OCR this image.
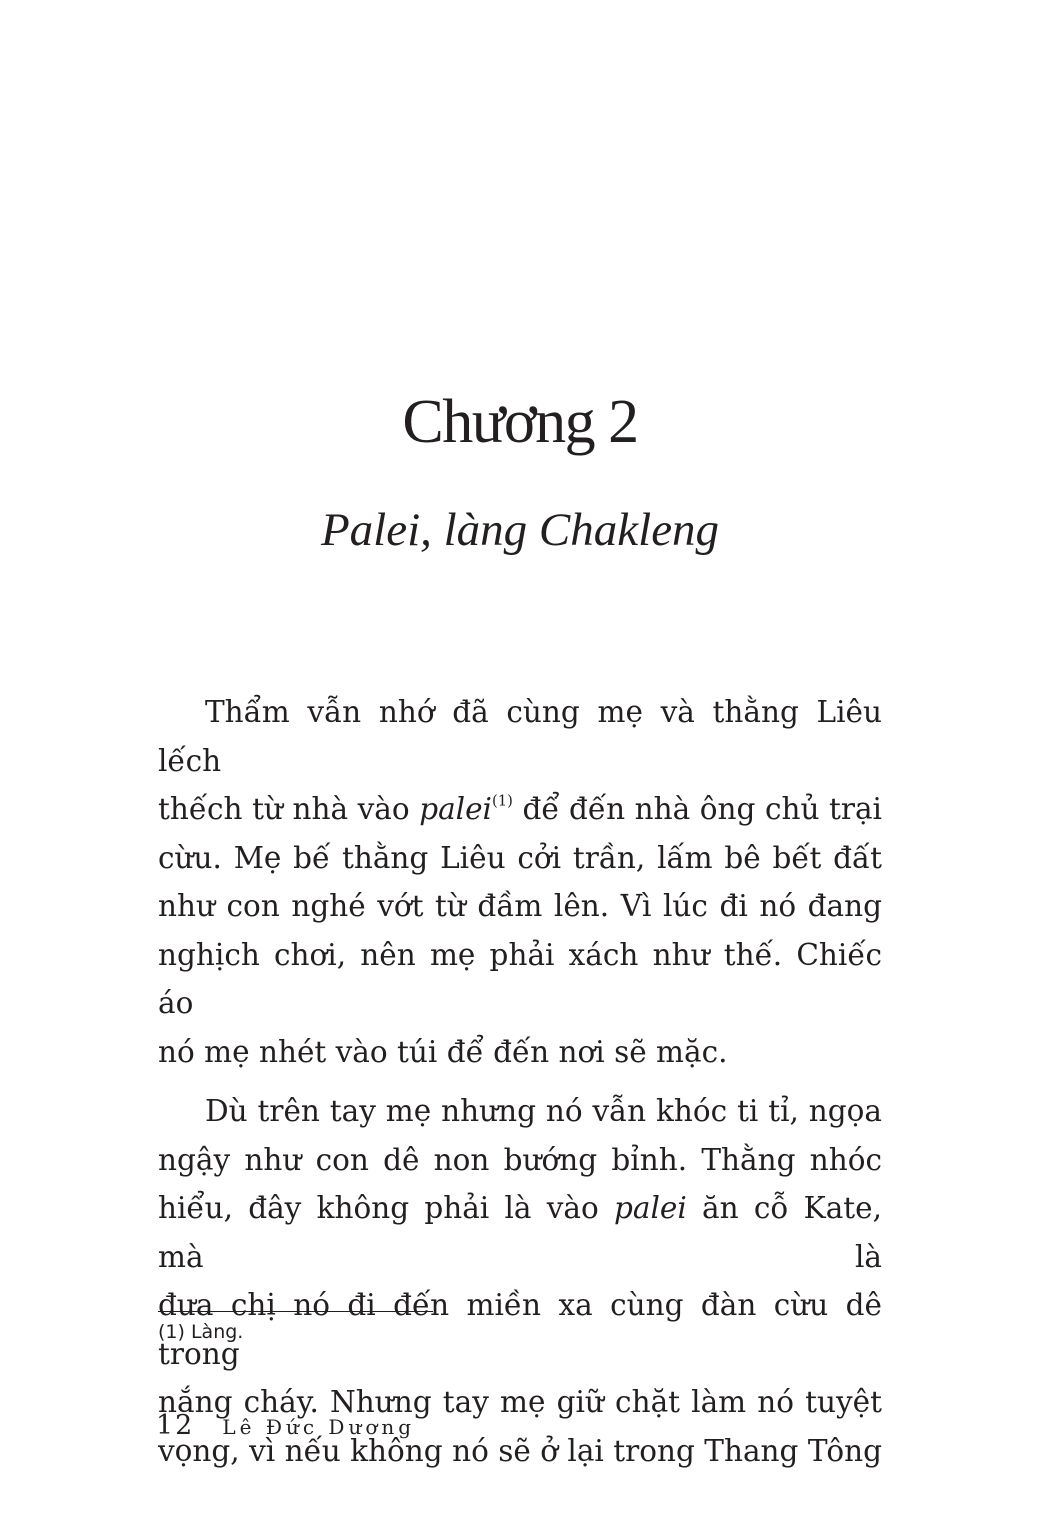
Chương 2
Palei, làng Chakleng

Thẩm vẫn nhớ đã cùng mẹ và thằng Liêu lếch
thếch từ nhà vào palei$^{(1)}$ để đến nhà ông chủ trại
cừu. Mẹ bế thằng Liêu cởi trần, lấm bê bết đất
như con nghé vớt từ đầm lên. Vì lúc đi nó đang
nghịch chơi, nên mẹ phải xách như thế. Chiếc áo
nó mẹ nhét vào túi để đến nơi sẽ mặc.

Dù trên tay mẹ nhưng nó vẫn khóc ti tỉ, ngọa
ngậy như con dê non bướng bỉnh. Thằng nhóc
hiểu, đây không phải là vào palei ăn cỗ Kate, mà là
đưa chị nó đi đến miền xa cùng đàn cừu dê trong
nắng cháy. Nhưng tay mẹ giữ chặt làm nó tuyệt
vọng, vì nếu không nó sẽ ở lại trong Thang Tông

(1) Làng.
12 Lê Đức Dương
